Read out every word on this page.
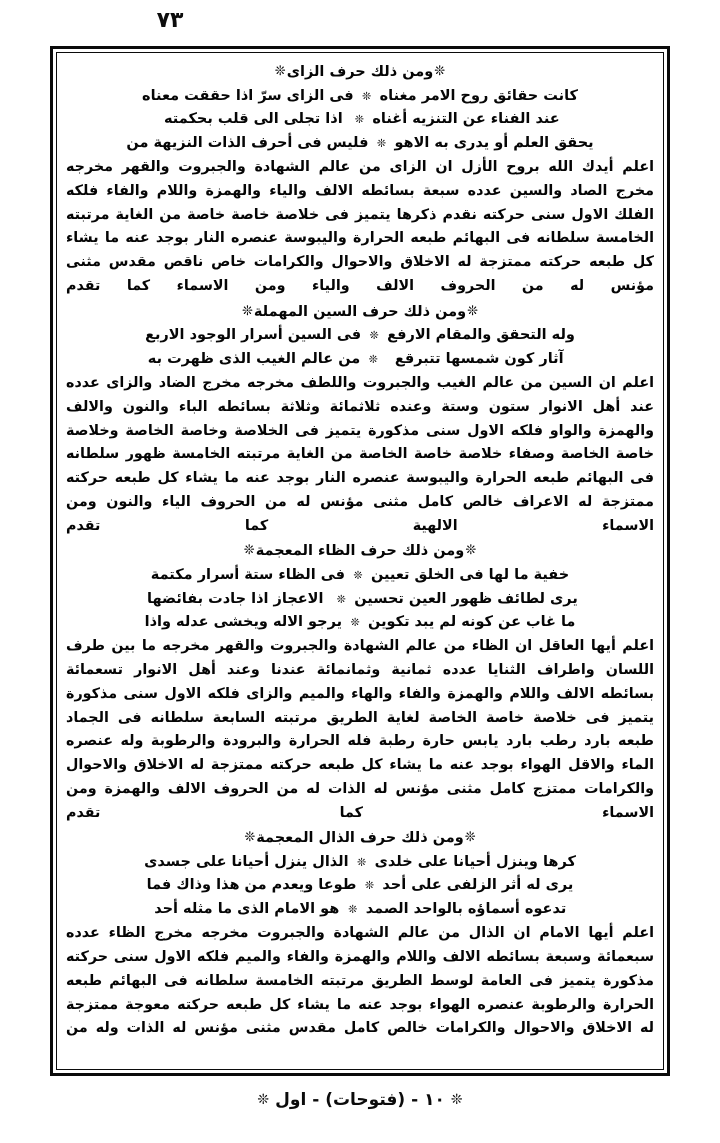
٧٣
❊ومن ذلك حرف الزاى❊
كانت حقائق روح الامر مغناه
❊
فى الزاى سرّ اذا حققت معناه
عند الفناء عن التنزيه أغناه
❊
اذا تجلى الى قلب بحكمته
يحقق العلم أو يدرى به الاهو
❊
فليس فى أحرف الذات النزيهة من

اعلم أيدك الله بروح الأزل ان الزاى من عالم الشهادة والجبروت والقهر مخرجه مخرج الصاد والسين عدده سبعة بسائطه الالف والياء والهمزة واللام والفاء فلكه الفلك الاول سنى حركته نقدم ذكرها يتميز فى خلاصة خاصة خاصة من الغاية مرتبته الخامسة سلطانه فى البهائم طبعه الحرارة واليبوسة عنصره النار بوجد عنه ما يشاء كل طبعه حركته ممتزجة له الاخلاق والاحوال والكرامات خاص ناقص مقدس مثنى مؤنس له من الحروف الالف والياء ومن الاسماء كما تقدم

❊ومن ذلك حرف السين المهملة❊
وله التحقق والمقام الارفع
❊
فى السين أسرار الوجود الاربع
آثار كون شمسها تتبرقع
❊
من عالم الغيب الذى ظهرت به

اعلم ان السين من عالم الغيب والجبروت واللطف مخرجه مخرج الضاد والزاى عدده عند أهل الانوار ستون وستة وعنده ثلاثمائة وثلاثة بسائطه الباء والنون والالف والهمزة والواو فلكه الاول سنى مذكورة يتميز فى الخلاصة وخاصة الخاصة وخلاصة خاصة الخاصة وصفاء خلاصة خاصة الخاصة من الغاية مرتبته الخامسة ظهور سلطانه فى البهائم طبعه الحرارة واليبوسة عنصره النار بوجد عنه ما يشاء كل طبعه حركته ممتزجة له الاعراف خالص كامل مثنى مؤنس له من الحروف الياء والنون ومن الاسماء الالهية كما تقدم

❊ومن ذلك حرف الظاء المعجمة❊
خفية ما لها فى الخلق تعيين
❊
فى الظاء ستة أسرار مكتمة
يرى لطائف ظهور العين تحسين
❊
الاعجاز اذا جادت بفائضها
ما غاب عن كونه لم يبد تكوين
❊
يرجو الاله ويخشى عدله واذا

اعلم أيها العاقل ان الظاء من عالم الشهادة والجبروت والقهر مخرجه ما بين طرف اللسان واطراف الثنايا عدده ثمانية وثمانمائة عندنا وعند أهل الانوار تسعمائة بسائطه الالف واللام والهمزة والفاء والهاء والميم والزاى فلكه الاول سنى مذكورة يتميز فى خلاصة خاصة الخاصة لغاية الطريق مرتبته السابعة سلطانه فى الجماد طبعه بارد رطب بارد يابس حارة رطبة فله الحرارة والبرودة والرطوبة وله عنصره الماء والاقل الهواء بوجد عنه ما يشاء كل طبعه حركته ممتزجة له الاخلاق والاحوال والكرامات ممتزج كامل مثنى مؤنس له الذات له من الحروف الالف والهمزة ومن الاسماء كما تقدم

❊ومن ذلك حرف الذال المعجمة❊
كرها وينزل أحيانا على خلدى
❊
الذال ينزل أحيانا على جسدى
يرى له أثر الزلفى على أحد
❊
طوعا ويعدم من هذا وذاك فما
تدعوه أسماؤه بالواحد الصمد
❊
هو الامام الذى ما مثله أحد

اعلم أيها الامام ان الذال من عالم الشهادة والجبروت مخرجه مخرج الظاء عدده سبعمائة وسبعة بسائطه الالف واللام والهمزة والفاء والميم فلكه الاول سنى حركته مذكورة يتميز فى العامة لوسط الطريق مرتبته الخامسة سلطانه فى البهائم طبعه الحرارة والرطوبة عنصره الهواء بوجد عنه ما يشاء كل طبعه حركته معوجة ممتزجة له الاخلاق والاحوال والكرامات خالص كامل مقدس مثنى مؤنس له الذات وله من

❊١٠ - (فتوحات) - اول❊
